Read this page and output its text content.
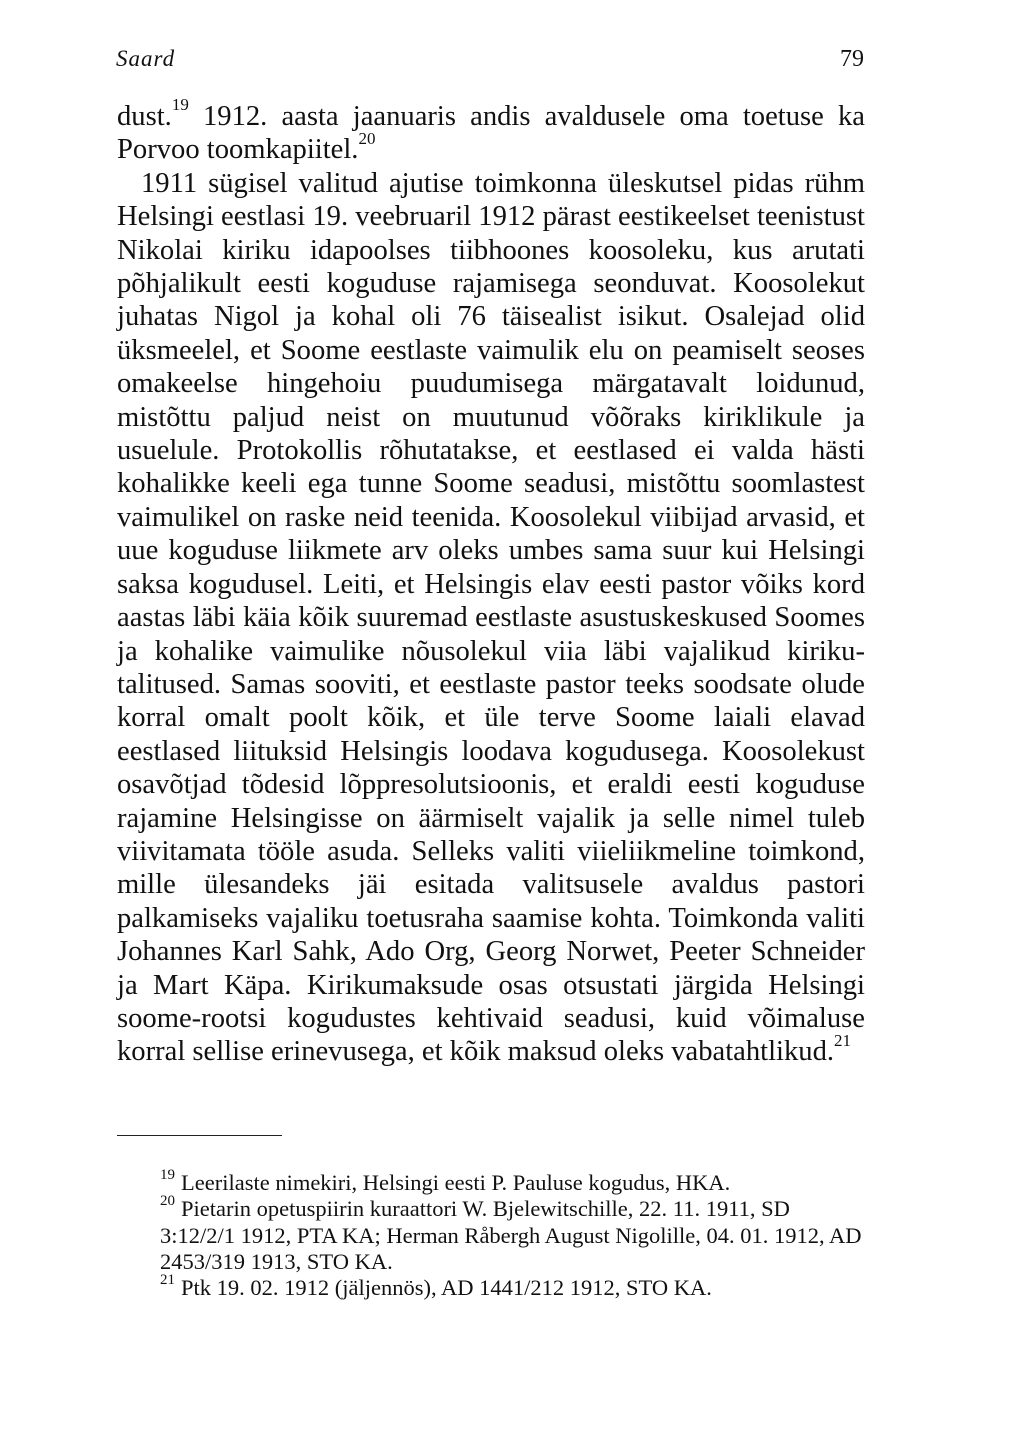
Saard	79

dust.$^{19}$ 1912. aasta jaanuaris andis avaldusele oma toetuse ka Porvoo toomkapiitel.$^{20}$

1911 sügisel valitud ajutise toimkonna üleskutsel pidas rühm Helsingi eestlasi 19. veebruaril 1912 pärast eestikeelset teenistust Nikolai kiriku idapoolses tiibhoones koosoleku, kus arutati põhjalikult eesti koguduse rajamisega seonduvat. Koosolekut juhatas Nigol ja kohal oli 76 täisealist isikut. Osalejad olid üksmeelel, et Soome eestlaste vaimulik elu on peamiselt seoses omakeelse hingehoiu puudumisega märgatavalt loidunud, mistõttu paljud neist on muutunud võõraks kiriklikule ja usuelule. Protokollis rõhutatakse, et eestlased ei valda hästi kohalikke keeli ega tunne Soome seadusi, mistõttu soomlastest vaimulikel on raske neid teenida. Koosolekul viibijad arvasid, et uue koguduse liikmete arv oleks umbes sama suur kui Helsingi saksa kogudusel. Leiti, et Helsingis elav eesti pastor võiks kord aastas läbi käia kõik suuremad eestlaste asustuskeskused Soomes ja kohalike vaimulike nõusolekul viia läbi vajalikud kirikutalitused. Samas sooviti, et eestlaste pastor teeks soodsate olude korral omalt poolt kõik, et üle terve Soome laiali elavad eestlased liituksid Helsingis loodava kogudusega. Koosolekust osavõtjad tõdesid lõppresolutsioonis, et eraldi eesti koguduse rajamine Helsingisse on äärmiselt vajalik ja selle nimel tuleb viivitamata tööle asuda. Selleks valiti viieliikmeline toimkond, mille ülesandeks jäi esitada valitsusele avaldus pastori palkamiseks vajaliku toetusraha saamise kohta. Toimkonda valiti Johannes Karl Sahk, Ado Org, Georg Norwet, Peeter Schneider ja Mart Käpa. Kirikumaksude osas otsustati järgida Helsingi soome-rootsi kogudustes kehtivaid seadusi, kuid võimaluse korral sellise erinevusega, et kõik maksud oleks vabatahtlikud.$^{21}$

$^{19}$ Leerilaste nimekiri, Helsingi eesti P. Pauluse kogudus, HKA.

$^{20}$ Pietarin opetuspiirin kuraattori W. Bjelewitschille, 22. 11. 1911, SD 3:12/2/1 1912, PTA KA; Herman Råbergh August Nigolille, 04. 01. 1912, AD 2453/319 1913, STO KA.

$^{21}$ Ptk 19. 02. 1912 (jäljennös), AD 1441/212 1912, STO KA.
